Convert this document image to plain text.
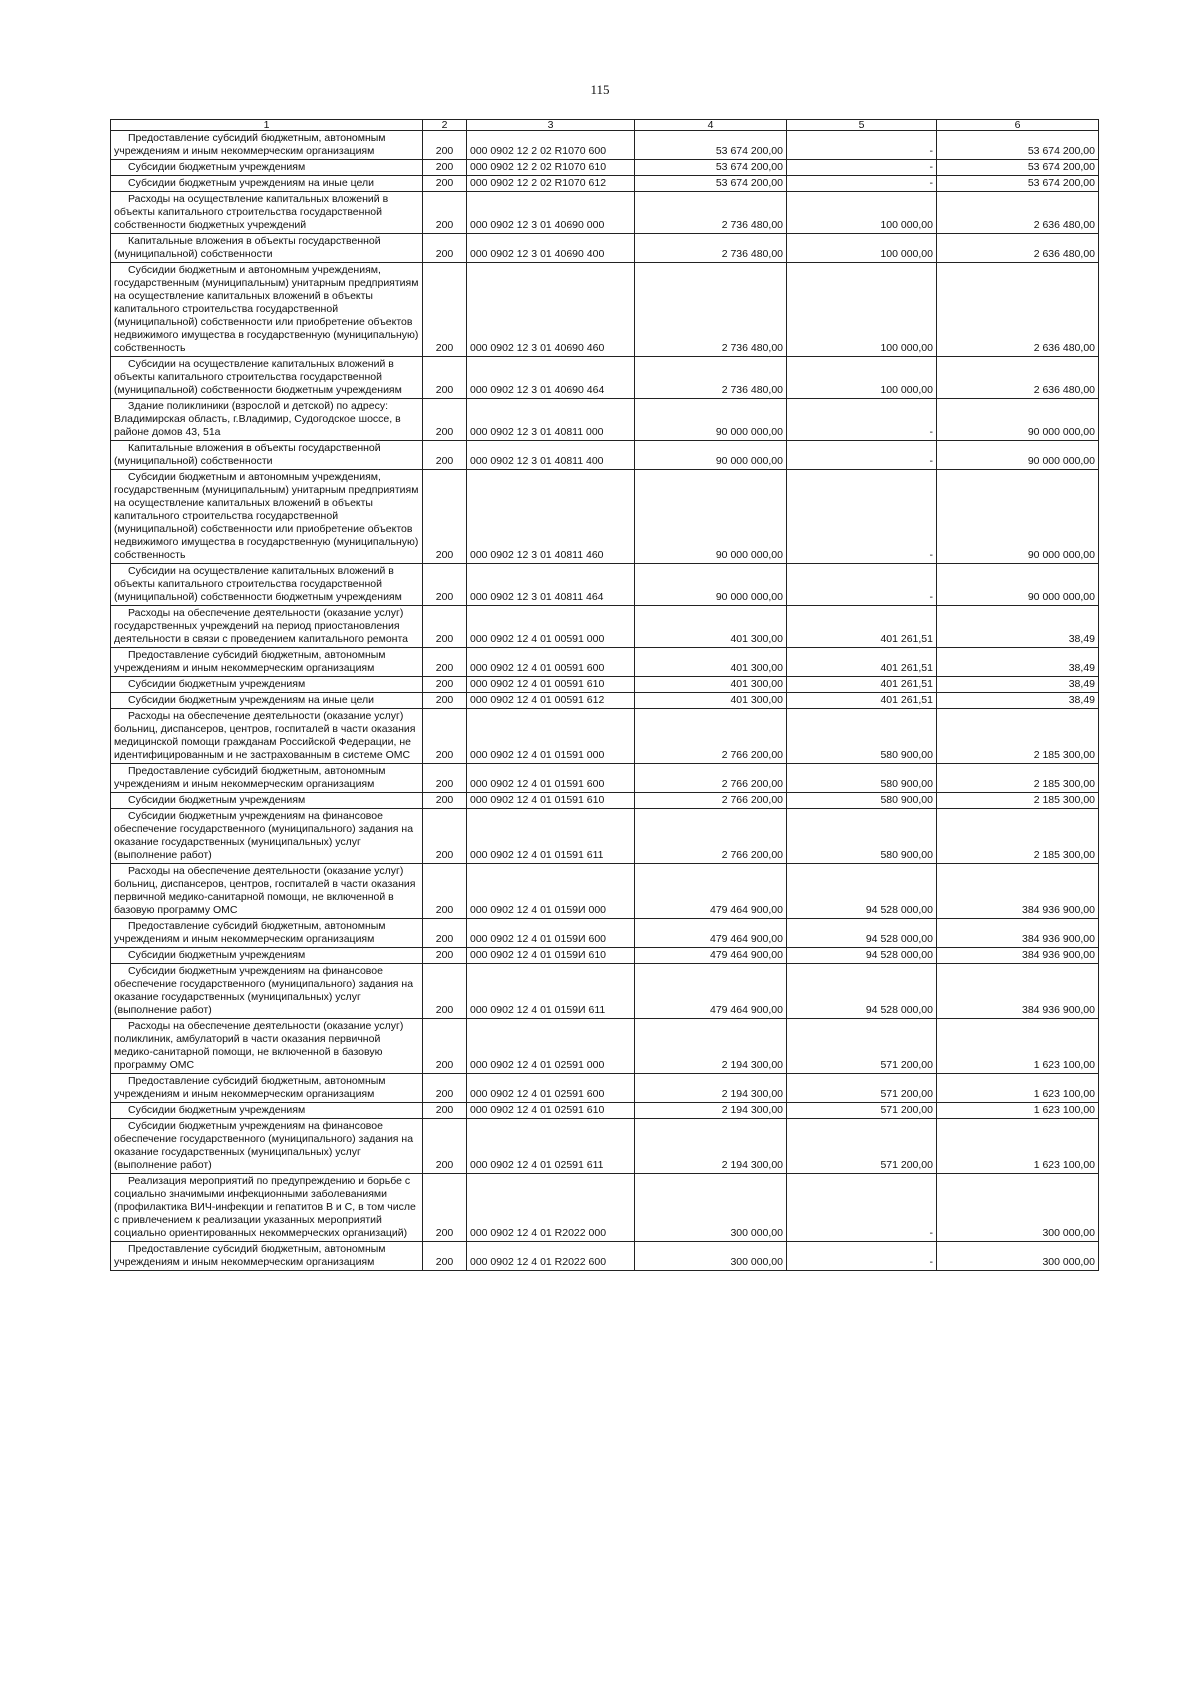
115
1	2	3	4	5	6
Предоставление субсидий бюджетным, автономным учреждениям и иным некоммерческим организациям	200	000 0902 12 2 02 R1070 600	53 674 200,00	-	53 674 200,00
Субсидии бюджетным учреждениям	200	000 0902 12 2 02 R1070 610	53 674 200,00	-	53 674 200,00
Субсидии бюджетным учреждениям на иные цели	200	000 0902 12 2 02 R1070 612	53 674 200,00	-	53 674 200,00
Расходы на осуществление капитальных вложений в объекты капитального строительства государственной собственности бюджетных учреждений	200	000 0902 12 3 01 40690 000	2 736 480,00	100 000,00	2 636 480,00
Капитальные вложения в объекты государственной (муниципальной) собственности	200	000 0902 12 3 01 40690 400	2 736 480,00	100 000,00	2 636 480,00
Субсидии бюджетным и автономным учреждениям, государственным (муниципальным) унитарным предприятиям на осуществление капитальных вложений в объекты капитального строительства государственной (муниципальной) собственности или приобретение объектов недвижимого имущества в государственную (муниципальную) собственность	200	000 0902 12 3 01 40690 460	2 736 480,00	100 000,00	2 636 480,00
Субсидии на осуществление капитальных вложений в объекты капитального строительства государственной (муниципальной) собственности бюджетным учреждениям	200	000 0902 12 3 01 40690 464	2 736 480,00	100 000,00	2 636 480,00
Здание поликлиники (взрослой и детской) по адресу: Владимирская область, г.Владимир, Судогодское шоссе, в районе домов 43, 51а	200	000 0902 12 3 01 40811 000	90 000 000,00	-	90 000 000,00
Капитальные вложения в объекты государственной (муниципальной) собственности	200	000 0902 12 3 01 40811 400	90 000 000,00	-	90 000 000,00
Субсидии бюджетным и автономным учреждениям, государственным (муниципальным) унитарным предприятиям на осуществление капитальных вложений в объекты капитального строительства государственной (муниципальной) собственности или приобретение объектов недвижимого имущества в государственную (муниципальную) собственность	200	000 0902 12 3 01 40811 460	90 000 000,00	-	90 000 000,00
Субсидии на осуществление капитальных вложений в объекты капитального строительства государственной (муниципальной) собственности бюджетным учреждениям	200	000 0902 12 3 01 40811 464	90 000 000,00	-	90 000 000,00
Расходы на обеспечение деятельности (оказание услуг) государственных учреждений на период приостановления деятельности в связи с проведением капитального ремонта	200	000 0902 12 4 01 00591 000	401 300,00	401 261,51	38,49
Предоставление субсидий бюджетным, автономным учреждениям и иным некоммерческим организациям	200	000 0902 12 4 01 00591 600	401 300,00	401 261,51	38,49
Субсидии бюджетным учреждениям	200	000 0902 12 4 01 00591 610	401 300,00	401 261,51	38,49
Субсидии бюджетным учреждениям на иные цели	200	000 0902 12 4 01 00591 612	401 300,00	401 261,51	38,49
Расходы на обеспечение деятельности (оказание услуг) больниц, диспансеров, центров, госпиталей в части оказания медицинской помощи гражданам Российской Федерации, не идентифицированным и не застрахованным в системе ОМС	200	000 0902 12 4 01 01591 000	2 766 200,00	580 900,00	2 185 300,00
Предоставление субсидий бюджетным, автономным учреждениям и иным некоммерческим организациям	200	000 0902 12 4 01 01591 600	2 766 200,00	580 900,00	2 185 300,00
Субсидии бюджетным учреждениям	200	000 0902 12 4 01 01591 610	2 766 200,00	580 900,00	2 185 300,00
Субсидии бюджетным учреждениям на финансовое обеспечение государственного (муниципального) задания на оказание государственных (муниципальных) услуг (выполнение работ)	200	000 0902 12 4 01 01591 611	2 766 200,00	580 900,00	2 185 300,00
Расходы на обеспечение деятельности (оказание услуг) больниц, диспансеров, центров, госпиталей в части оказания первичной медико-санитарной помощи, не включенной в базовую программу ОМС	200	000 0902 12 4 01 0159И 000	479 464 900,00	94 528 000,00	384 936 900,00
Предоставление субсидий бюджетным, автономным учреждениям и иным некоммерческим организациям	200	000 0902 12 4 01 0159И 600	479 464 900,00	94 528 000,00	384 936 900,00
Субсидии бюджетным учреждениям	200	000 0902 12 4 01 0159И 610	479 464 900,00	94 528 000,00	384 936 900,00
Субсидии бюджетным учреждениям на финансовое обеспечение государственного (муниципального) задания на оказание государственных (муниципальных) услуг (выполнение работ)	200	000 0902 12 4 01 0159И 611	479 464 900,00	94 528 000,00	384 936 900,00
Расходы на обеспечение деятельности (оказание услуг) поликлиник, амбулаторий в части оказания первичной медико-санитарной помощи, не включенной в базовую программу ОМС	200	000 0902 12 4 01 02591 000	2 194 300,00	571 200,00	1 623 100,00
Предоставление субсидий бюджетным, автономным учреждениям и иным некоммерческим организациям	200	000 0902 12 4 01 02591 600	2 194 300,00	571 200,00	1 623 100,00
Субсидии бюджетным учреждениям	200	000 0902 12 4 01 02591 610	2 194 300,00	571 200,00	1 623 100,00
Субсидии бюджетным учреждениям на финансовое обеспечение государственного (муниципального) задания на оказание государственных (муниципальных) услуг (выполнение работ)	200	000 0902 12 4 01 02591 611	2 194 300,00	571 200,00	1 623 100,00
Реализация мероприятий по предупреждению и борьбе с социально значимыми инфекционными заболеваниями (профилактика ВИЧ-инфекции и гепатитов В и С, в том числе с привлечением к реализации указанных мероприятий социально ориентированных некоммерческих организаций)	200	000 0902 12 4 01 R2022 000	300 000,00	-	300 000,00
Предоставление субсидий бюджетным, автономным учреждениям и иным некоммерческим организациям	200	000 0902 12 4 01 R2022 600	300 000,00	-	300 000,00
